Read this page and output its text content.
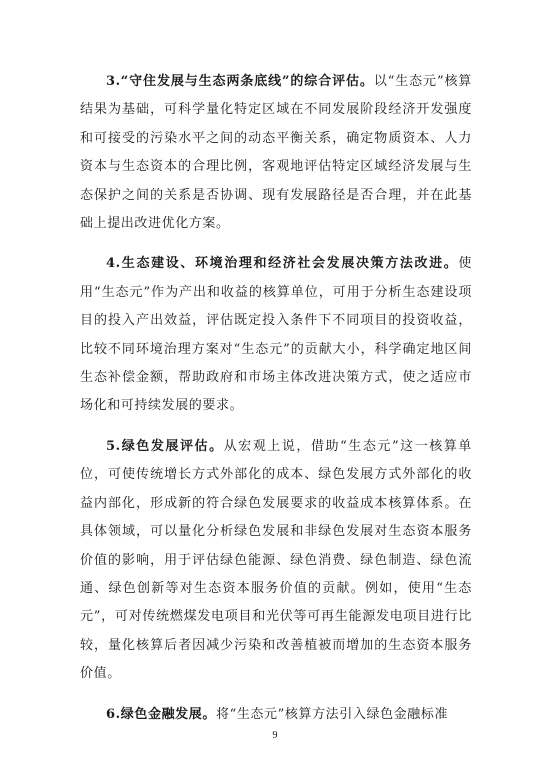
3.“守住发展与生态两条底线”的综合评估。以“生态元”核算结果为基础，可科学量化特定区域在不同发展阶段经济开发强度和可接受的污染水平之间的动态平衡关系，确定物质资本、人力资本与生态资本的合理比例，客观地评估特定区域经济发展与生态保护之间的关系是否协调、现有发展路径是否合理，并在此基础上提出改进优化方案。

4.生态建设、环境治理和经济社会发展决策方法改进。使用“生态元”作为产出和收益的核算单位，可用于分析生态建设项目的投入产出效益，评估既定投入条件下不同项目的投资收益，比较不同环境治理方案对“生态元”的贡献大小，科学确定地区间生态补偿金额，帮助政府和市场主体改进决策方式，使之适应市场化和可持续发展的要求。

5.绿色发展评估。从宏观上说，借助“生态元”这一核算单位，可使传统增长方式外部化的成本、绿色发展方式外部化的收益内部化，形成新的符合绿色发展要求的收益成本核算体系。在具体领域，可以量化分析绿色发展和非绿色发展对生态资本服务价值的影响，用于评估绿色能源、绿色消费、绿色制造、绿色流通、绿色创新等对生态资本服务价值的贡献。例如，使用“生态元”，可对传统燃煤发电项目和光伏等可再生能源发电项目进行比较，量化核算后者因减少污染和改善植被而增加的生态资本服务价值。

6.绿色金融发展。将“生态元”核算方法引入绿色金融标准

9
